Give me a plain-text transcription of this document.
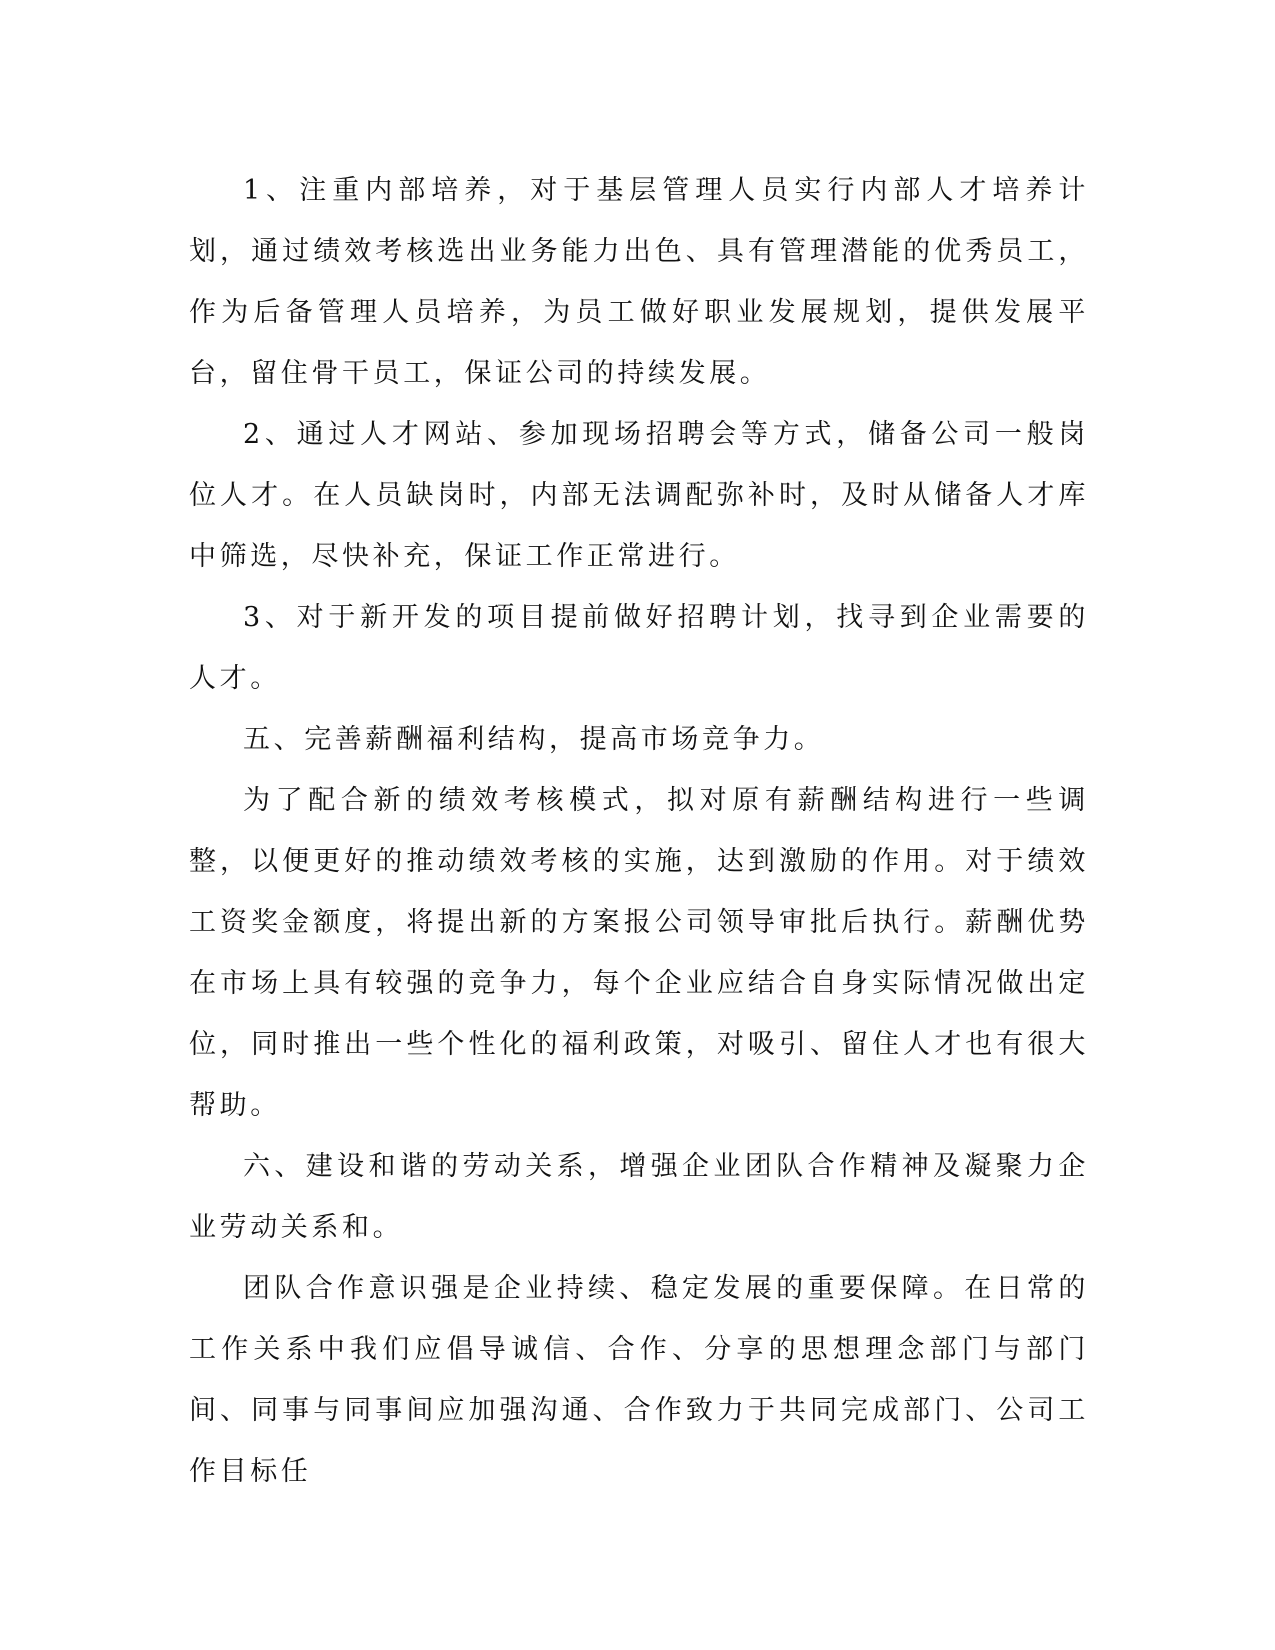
1、注重内部培养，对于基层管理人员实行内部人才培养计划，通过绩效考核选出业务能力出色、具有管理潜能的优秀员工，作为后备管理人员培养，为员工做好职业发展规划，提供发展平台，留住骨干员工，保证公司的持续发展。

2、通过人才网站、参加现场招聘会等方式，储备公司一般岗位人才。在人员缺岗时，内部无法调配弥补时，及时从储备人才库中筛选，尽快补充，保证工作正常进行。

3、对于新开发的项目提前做好招聘计划，找寻到企业需要的人才。

五、完善薪酬福利结构，提高市场竞争力。

为了配合新的绩效考核模式，拟对原有薪酬结构进行一些调整，以便更好的推动绩效考核的实施，达到激励的作用。对于绩效工资奖金额度，将提出新的方案报公司领导审批后执行。薪酬优势在市场上具有较强的竞争力，每个企业应结合自身实际情况做出定位，同时推出一些个性化的福利政策，对吸引、留住人才也有很大帮助。

六、建设和谐的劳动关系，增强企业团队合作精神及凝聚力企业劳动关系和。

团队合作意识强是企业持续、稳定发展的重要保障。在日常的工作关系中我们应倡导诚信、合作、分享的思想理念部门与部门间、同事与同事间应加强沟通、合作致力于共同完成部门、公司工作目标任
